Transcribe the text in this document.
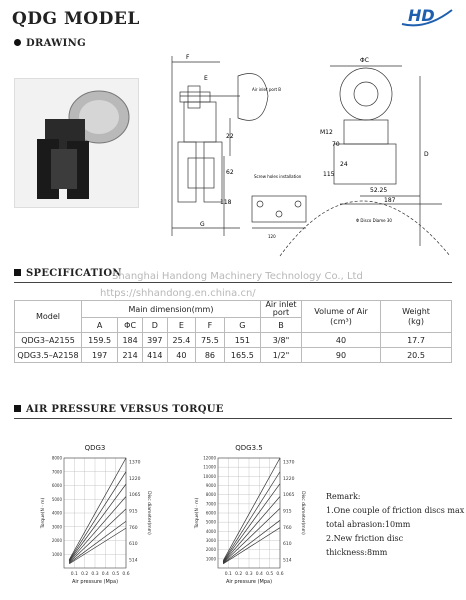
QDG MODEL	HD
DRAWING
F
E
G
Air inlet port B
22
62
118
Screw holes installation
120
ΦC
D
M12
70
24
52.25
187
115
Φ Disco Diame 30
SPECIFICATION
Shanghai Handong Machinery Technology Co., Ltd
https://shhandong.en.china.cn/
Model	Main dimension(mm)						Air inlet port	Volume of Air
(cm³)	Weight
(kg)
	A	ΦC	D	E	F	G	B		
QDG3–A2155	159.5	184	397	25.4	75.5	151	3/8"	40	17.7
QDG3.5–A2158	197	214	414	40	86	165.5	1/2"	90	20.5
AIR PRESSURE VERSUS TORQUE
QDG3
1000
2000
3000
4000
5000
6000
7000
8000
0.1 0.2 0.3 0.4 0.5 0.6
1370
1220
1065
915
760
610
514
Torque(N · m)	Disc diameter(mm)
Air pressure (Mpa)
QDG3.5
1000
2000
3000
4000
5000
6000
7000
8000
9000
10000
11000
12000
0.1 0.2 0.3 0.4 0.5 0.6
1370
1220
1065
915
760
610
514
Torque(N · m)	Disc diameter(mm)
Air pressure (Mpa)
Remark:
1.One couple of friction discs max
total abrasion:10mm
2.New friction disc thickness:8mm
